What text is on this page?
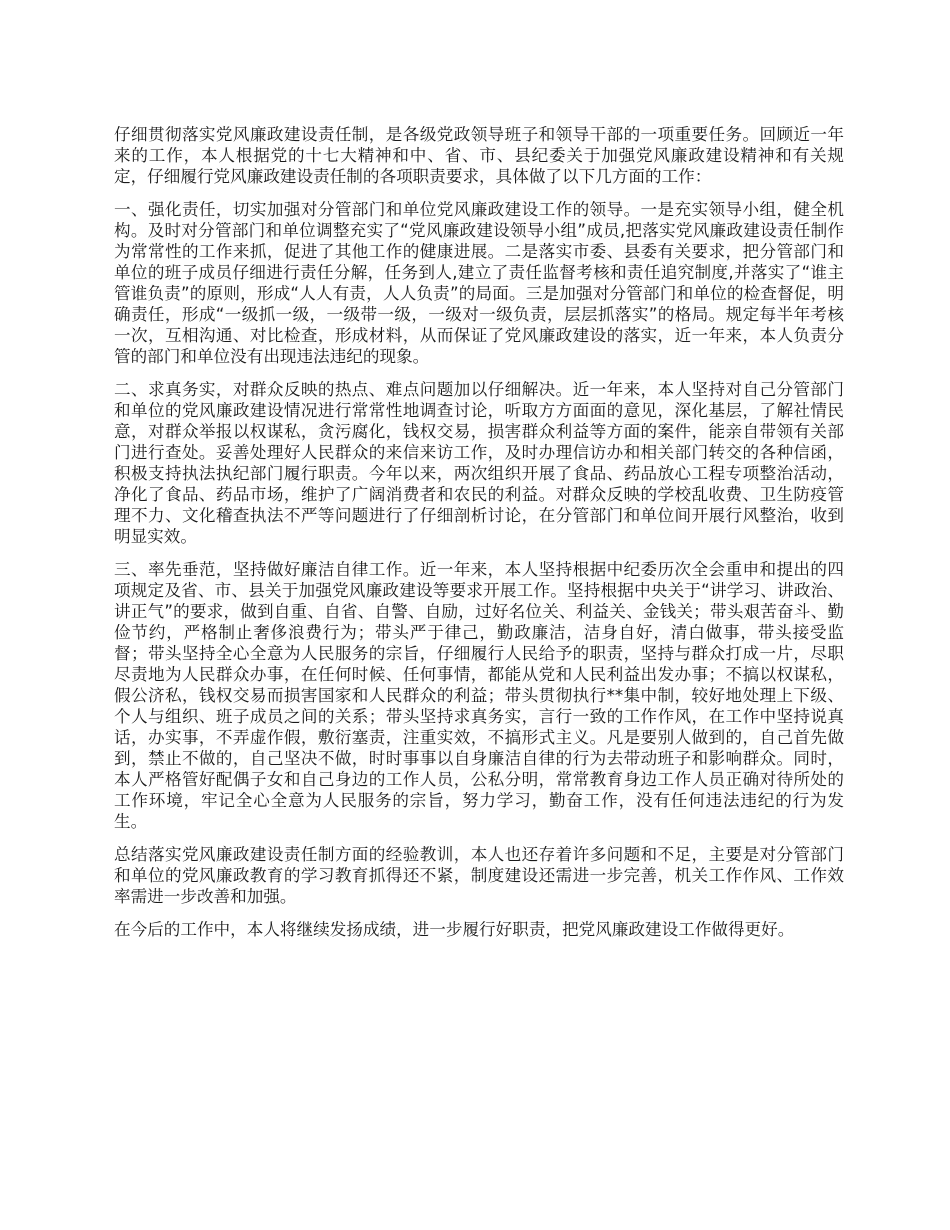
仔细贯彻落实党风廉政建设责任制，是各级党政领导班子和领导干部的一项重要任务。回顾近一年来的工作，本人根据党的十七大精神和中、省、市、县纪委关于加强党风廉政建设精神和有关规定，仔细履行党风廉政建设责任制的各项职责要求，具体做了以下几方面的工作：

一、强化责任，切实加强对分管部门和单位党风廉政建设工作的领导。一是充实领导小组，健全机构。及时对分管部门和单位调整充实了“党风廉政建设领导小组”成员,把落实党风廉政建设责任制作为常常性的工作来抓，促进了其他工作的健康进展。二是落实市委、县委有关要求，把分管部门和单位的班子成员仔细进行责任分解，任务到人,建立了责任监督考核和责任追究制度,并落实了“谁主管谁负责”的原则，形成“人人有责，人人负责”的局面。三是加强对分管部门和单位的检查督促，明确责任，形成“一级抓一级，一级带一级，一级对一级负责，层层抓落实”的格局。规定每半年考核一次，互相沟通、对比检查，形成材料，从而保证了党风廉政建设的落实，近一年来，本人负责分管的部门和单位没有出现违法违纪的现象。

二、求真务实，对群众反映的热点、难点问题加以仔细解决。近一年来，本人坚持对自己分管部门和单位的党风廉政建设情况进行常常性地调查讨论，听取方方面面的意见，深化基层，了解社情民意，对群众举报以权谋私，贪污腐化，钱权交易，损害群众利益等方面的案件，能亲自带领有关部门进行查处。妥善处理好人民群众的来信来访工作，及时办理信访办和相关部门转交的各种信函，积极支持执法执纪部门履行职责。今年以来，两次组织开展了食品、药品放心工程专项整治活动，净化了食品、药品市场，维护了广阔消费者和农民的利益。对群众反映的学校乱收费、卫生防疫管理不力、文化稽查执法不严等问题进行了仔细剖析讨论，在分管部门和单位间开展行风整治，收到明显实效。

三、率先垂范，坚持做好廉洁自律工作。近一年来，本人坚持根据中纪委历次全会重申和提出的四项规定及省、市、县关于加强党风廉政建设等要求开展工作。坚持根据中央关于“讲学习、讲政治、讲正气”的要求，做到自重、自省、自警、自励，过好名位关、利益关、金钱关；带头艰苦奋斗、勤俭节约，严格制止奢侈浪费行为；带头严于律己，勤政廉洁，洁身自好，清白做事，带头接受监督；带头坚持全心全意为人民服务的宗旨，仔细履行人民给予的职责，坚持与群众打成一片，尽职尽责地为人民群众办事，在任何时候、任何事情，都能从党和人民利益出发办事；不搞以权谋私，假公济私，钱权交易而损害国家和人民群众的利益；带头贯彻执行**集中制，较好地处理上下级、个人与组织、班子成员之间的关系；带头坚持求真务实，言行一致的工作作风，在工作中坚持说真话，办实事，不弄虚作假，敷衍塞责，注重实效，不搞形式主义。凡是要别人做到的，自己首先做到，禁止不做的，自己坚决不做，时时事事以自身廉洁自律的行为去带动班子和影响群众。同时，本人严格管好配偶子女和自己身边的工作人员，公私分明，常常教育身边工作人员正确对待所处的工作环境，牢记全心全意为人民服务的宗旨，努力学习，勤奋工作，没有任何违法违纪的行为发生。

总结落实党风廉政建设责任制方面的经验教训，本人也还存着许多问题和不足，主要是对分管部门和单位的党风廉政教育的学习教育抓得还不紧，制度建设还需进一步完善，机关工作作风、工作效率需进一步改善和加强。

在今后的工作中，本人将继续发扬成绩，进一步履行好职责，把党风廉政建设工作做得更好。
